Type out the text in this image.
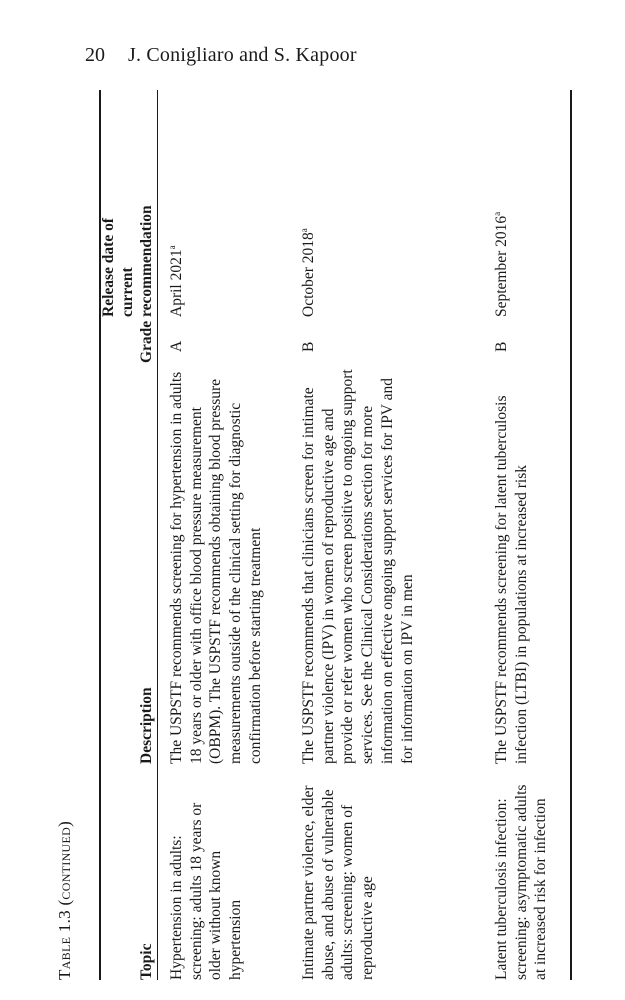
20 J. Conigliaro and S. Kapoor
Table 1.3 (continued)	Topic
Description
Grade
Release date of current recommendation
Hypertension in adults: screening: adults 18 years or older without known hypertension
The USPSTF recommends screening for hypertension in adults 18 years or older with office blood pressure measurement (OBPM). The USPSTF recommends obtaining blood pressure measurements outside of the clinical setting for diagnostic confirmation before starting treatment
A
April 2021$^a$
Intimate partner violence, elder abuse, and abuse of vulnerable adults: screening: women of reproductive age
The USPSTF recommends that clinicians screen for intimate partner violence (IPV) in women of reproductive age and provide or refer women who screen positive to ongoing support services. See the Clinical Considerations section for more information on effective ongoing support services for IPV and for information on IPV in men
B
October 2018$^a$
Latent tuberculosis infection: screening: asymptomatic adults at increased risk for infection
The USPSTF recommends screening for latent tuberculosis infection (LTBI) in populations at increased risk
B
September 2016$^a$
